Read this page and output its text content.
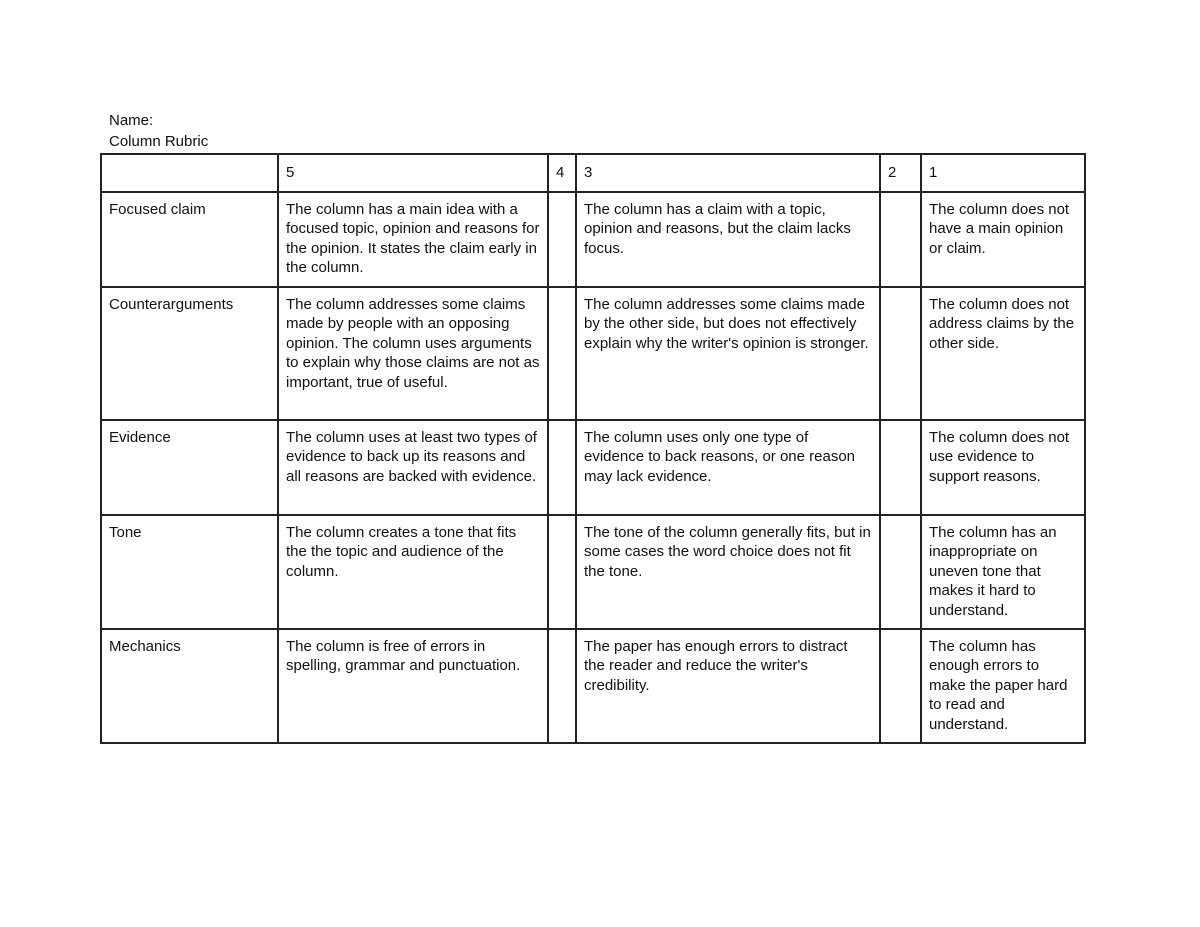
Name:
Column Rubric
	5	4	3	2	1
Focused claim	The column has a main idea with a focused topic, opinion and reasons for the opinion. It states the claim early in the column.		The column has a claim with a topic, opinion and reasons, but the claim lacks focus.		The column does not have a main opinion or claim.
Counterarguments	The column addresses some claims made by people with an opposing opinion. The column uses arguments to explain why those claims are not as important, true of useful.		The column addresses some claims made by the other side, but does not effectively explain why the writer's opinion is stronger.		The column does not address claims by the other side.
Evidence	The column uses at least two types of evidence to back up its reasons and all reasons are backed with evidence.		The column uses only one type of evidence to back reasons, or one reason may lack evidence.		The column does not use evidence to support reasons.
Tone	The column creates a tone that fits the the topic and audience of the column.		The tone of the column generally fits, but in some cases the word choice does not fit the tone.		The column has an inappropriate on uneven tone that makes it hard to understand.
Mechanics	The column is free of errors in spelling, grammar and punctuation.		The paper has enough errors to distract the reader and reduce the writer's credibility.		The column has enough errors to make the paper hard to read and understand.
